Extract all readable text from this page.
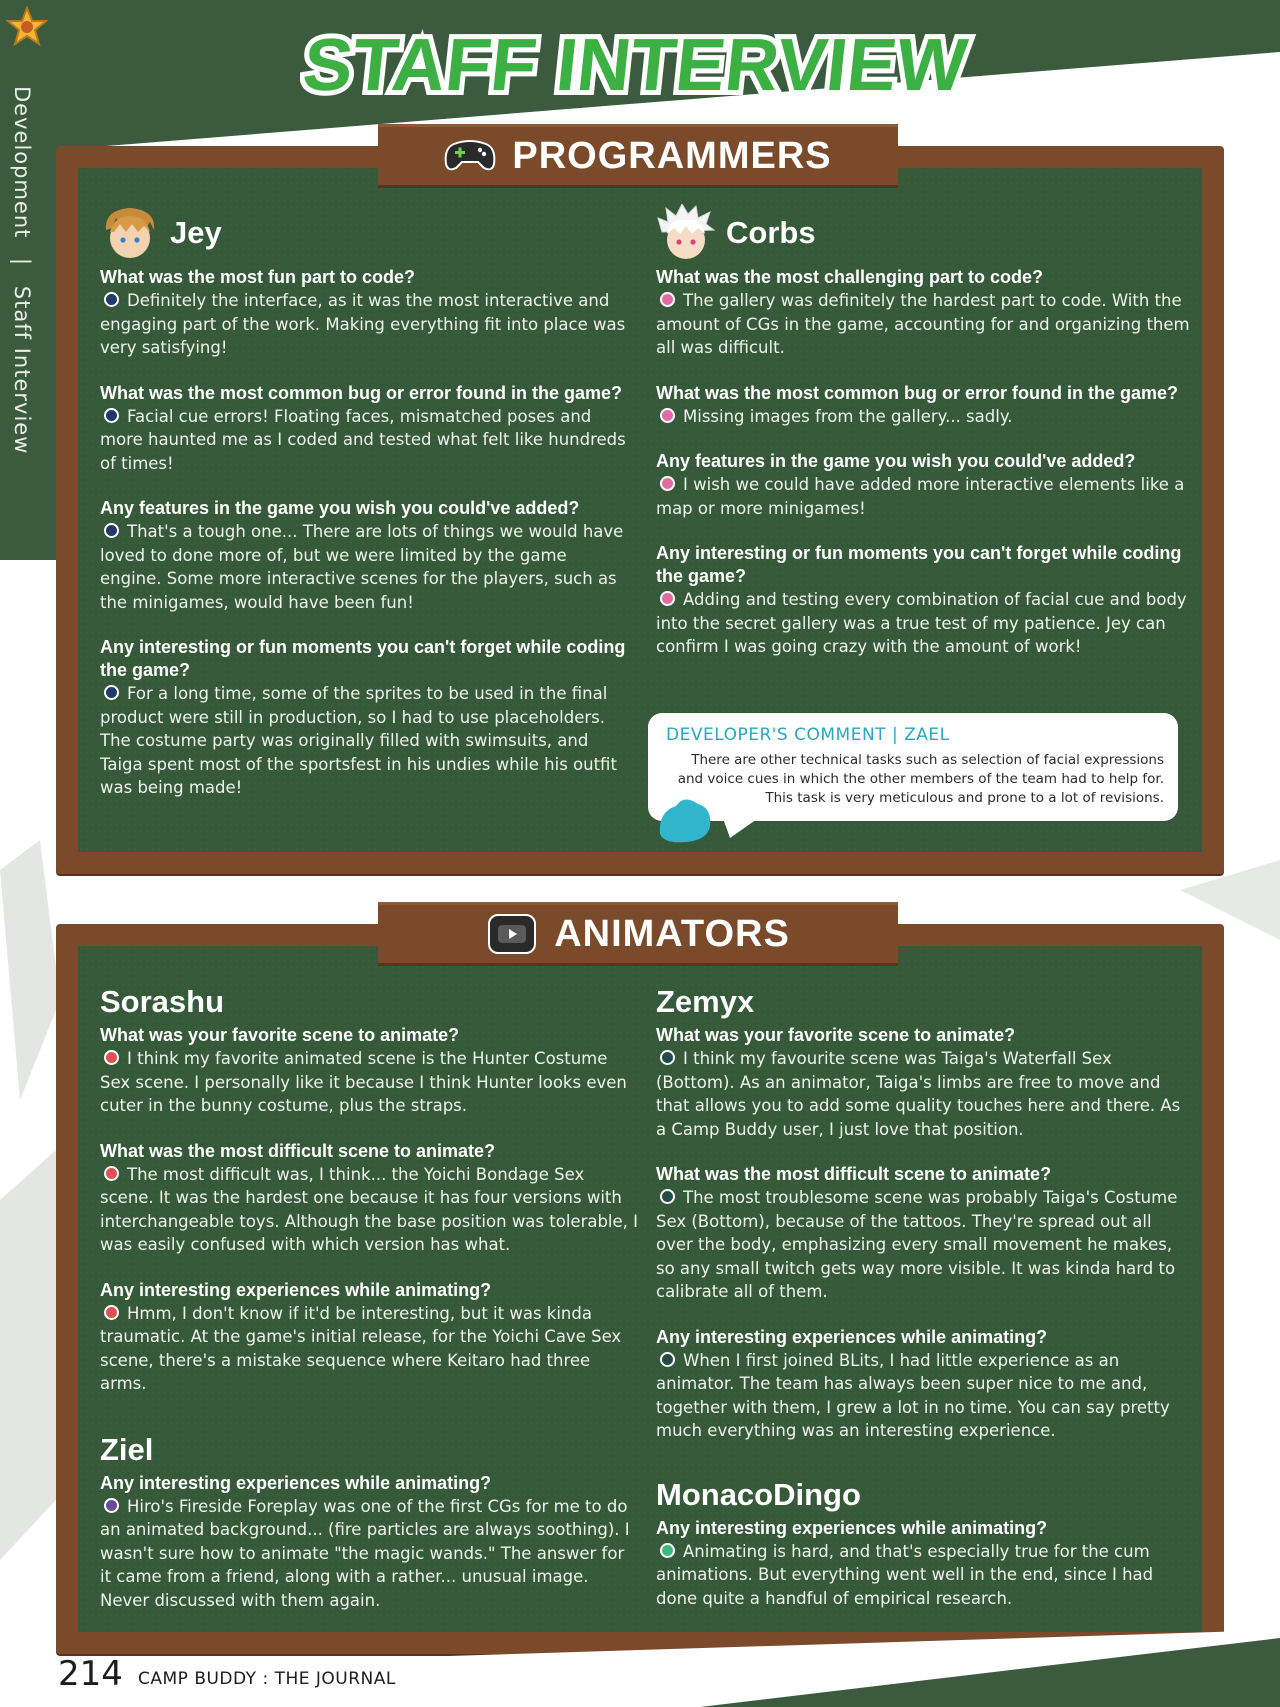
Development | Staff Interview
STAFF INTERVIEW
PROGRAMMERS
Jey
What was the most fun part to code?
Definitely the interface, as it was the most interactive and engaging part of the work. Making everything fit into place was very satisfying!
What was the most common bug or error found in the game?
Facial cue errors! Floating faces, mismatched poses and more haunted me as I coded and tested what felt like hundreds of times!
Any features in the game you wish you could've added?
That's a tough one... There are lots of things we would have loved to done more of, but we were limited by the game engine. Some more interactive scenes for the players, such as the minigames, would have been fun!
Any interesting or fun moments you can't forget while coding the game?
For a long time, some of the sprites to be used in the final product were still in production, so I had to use placeholders. The costume party was originally filled with swimsuits, and Taiga spent most of the sportsfest in his undies while his outfit was being made!
Corbs
What was the most challenging part to code?
The gallery was definitely the hardest part to code. With the amount of CGs in the game, accounting for and organizing them all was difficult.
What was the most common bug or error found in the game?
Missing images from the gallery... sadly.
Any features in the game you wish you could've added?
I wish we could have added more interactive elements like a map or more minigames!
Any interesting or fun moments you can't forget while coding the game?
Adding and testing every combination of facial cue and body into the secret gallery was a true test of my patience. Jey can confirm I was going crazy with the amount of work!
DEVELOPER'S COMMENT | ZAEL
There are other technical tasks such as selection of facial expressions and voice cues in which the other members of the team had to help for. This task is very meticulous and prone to a lot of revisions.
ANIMATORS
Sorashu
What was your favorite scene to animate?
I think my favorite animated scene is the Hunter Costume Sex scene. I personally like it because I think Hunter looks even cuter in the bunny costume, plus the straps.
What was the most difficult scene to animate?
The most difficult was, I think... the Yoichi Bondage Sex scene. It was the hardest one because it has four versions with interchangeable toys. Although the base position was tolerable, I was easily confused with which version has what.
Any interesting experiences while animating?
Hmm, I don't know if it'd be interesting, but it was kinda traumatic. At the game's initial release, for the Yoichi Cave Sex scene, there's a mistake sequence where Keitaro had three arms.
Ziel
Any interesting experiences while animating?
Hiro's Fireside Foreplay was one of the first CGs for me to do an animated background... (fire particles are always soothing). I wasn't sure how to animate "the magic wands." The answer for it came from a friend, along with a rather... unusual image. Never discussed with them again.
Zemyx
What was your favorite scene to animate?
I think my favourite scene was Taiga's Waterfall Sex (Bottom). As an animator, Taiga's limbs are free to move and that allows you to add some quality touches here and there. As a Camp Buddy user, I just love that position.
What was the most difficult scene to animate?
The most troublesome scene was probably Taiga's Costume Sex (Bottom), because of the tattoos. They're spread out all over the body, emphasizing every small movement he makes, so any small twitch gets way more visible. It was kinda hard to calibrate all of them.
Any interesting experiences while animating?
When I first joined BLits, I had little experience as an animator. The team has always been super nice to me and, together with them, I grew a lot in no time. You can say pretty much everything was an interesting experience.
MonacoDingo
Any interesting experiences while animating?
Animating is hard, and that's especially true for the cum animations. But everything went well in the end, since I had done quite a handful of empirical research.
214 CAMP BUDDY : THE JOURNAL
